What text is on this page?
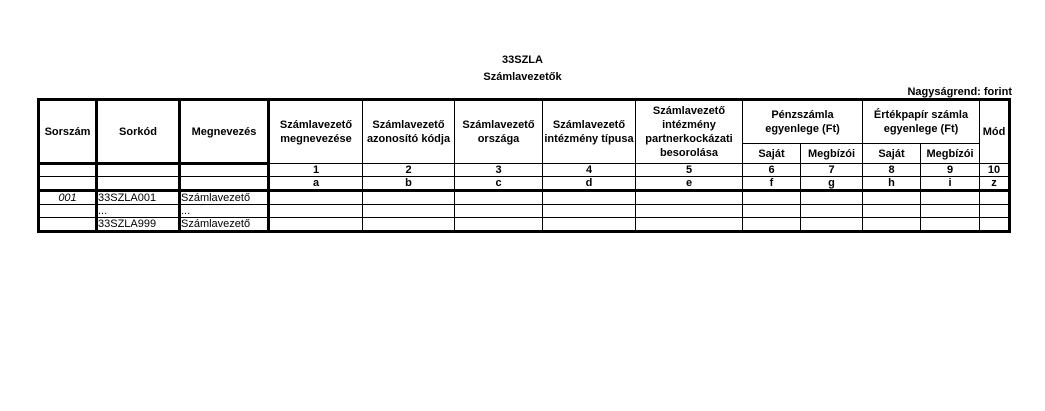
33SZLA
Számlavezetők
Nagyságrend: forint
Sorszám	Sorkód	Megnevezés	Számlavezető megnevezése	Számlavezető azonosító kódja	Számlavezető országa	Számlavezető intézmény típusa	Számlavezető intézmény partnerkockázati besorolása	Pénzszámla egyenlege (Ft)		Értékpapír számla egyenlege (Ft)		Mód
								Saját	Megbízói	Saját	Megbízói	
			1	2	3	4	5	6	7	8	9	10
			a	b	c	d	e	f	g	h	i	z
001	33SZLA001	Számlavezető										
	...	...										
	33SZLA999	Számlavezető										
